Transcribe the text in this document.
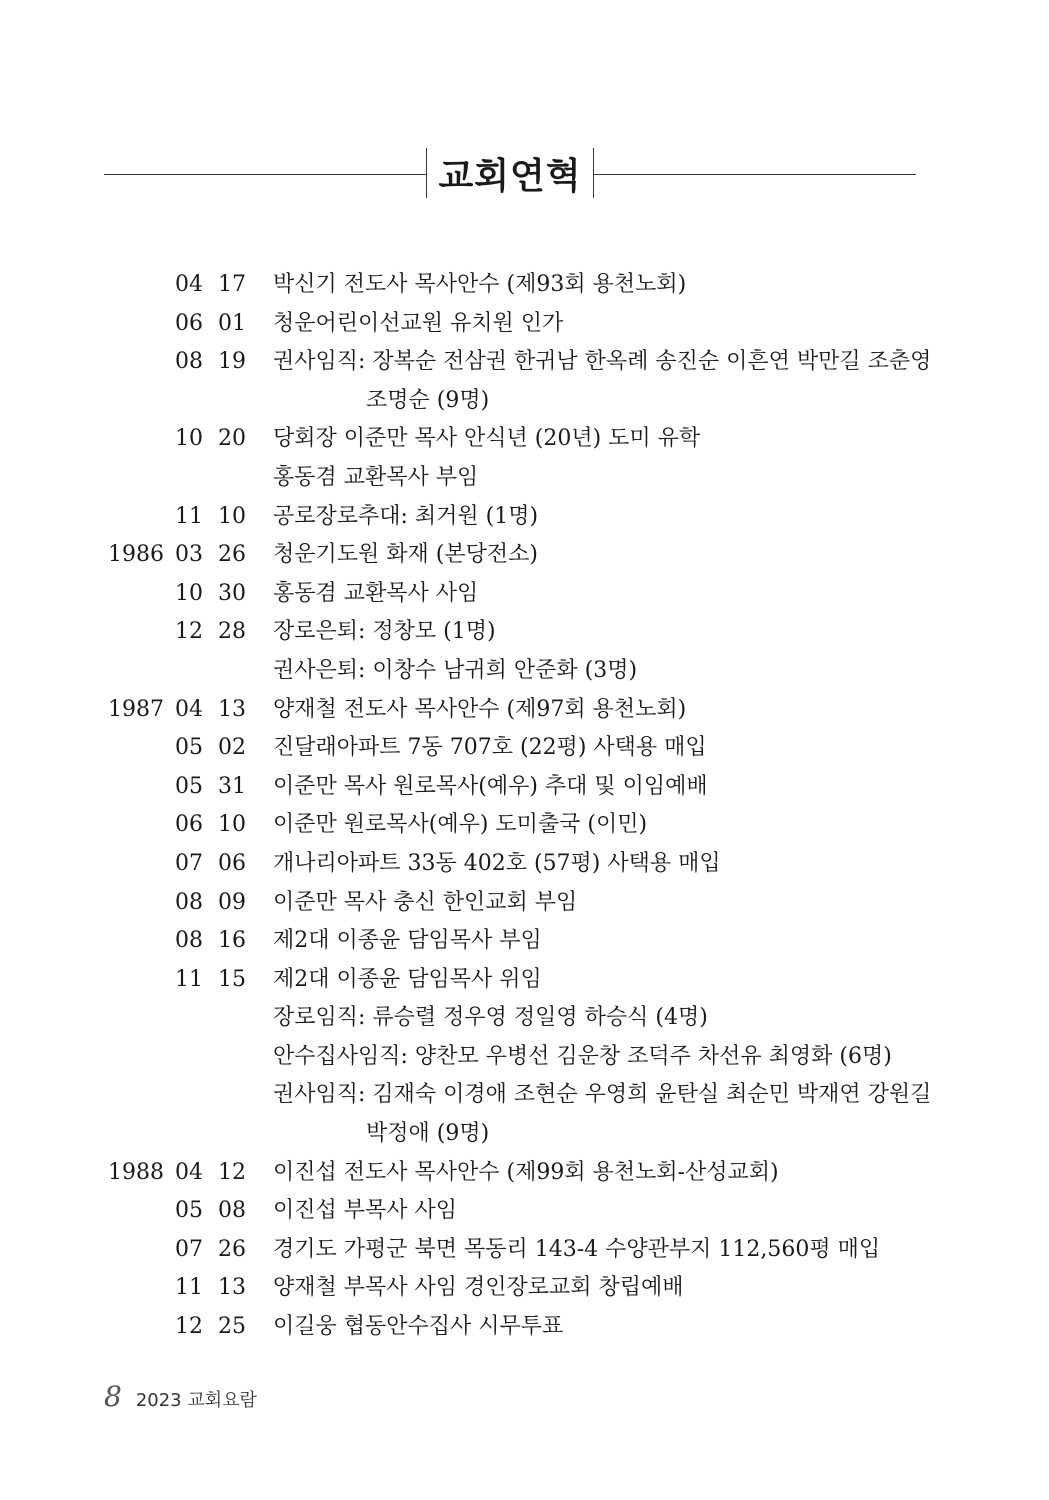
교회연혁
04 17 박신기 전도사 목사안수 (제93회 용천노회)
06 01 청운어린이선교원 유치원 인가
08 19 권사임직: 장복순 전삼권 한귀남 한옥례 송진순 이흔연 박만길 조춘영
조명순 (9명)
10 20 당회장 이준만 목사 안식년 (20년) 도미 유학
홍동겸 교환목사 부임
11 10 공로장로추대: 최거원 (1명)
1986 03 26 청운기도원 화재 (본당전소)
10 30 홍동겸 교환목사 사임
12 28 장로은퇴: 정창모 (1명)
권사은퇴: 이창수 남귀희 안준화 (3명)
1987 04 13 양재철 전도사 목사안수 (제97회 용천노회)
05 02 진달래아파트 7동 707호 (22평) 사택용 매입
05 31 이준만 목사 원로목사(예우) 추대 및 이임예배
06 10 이준만 원로목사(예우) 도미출국 (이민)
07 06 개나리아파트 33동 402호 (57평) 사택용 매입
08 09 이준만 목사 충신 한인교회 부임
08 16 제2대 이종윤 담임목사 부임
11 15 제2대 이종윤 담임목사 위임
장로임직: 류승렬 정우영 정일영 하승식 (4명)
안수집사임직: 양찬모 우병선 김운창 조덕주 차선유 최영화 (6명)
권사임직: 김재숙 이경애 조현순 우영희 윤탄실 최순민 박재연 강원길
박정애 (9명)
1988 04 12 이진섭 전도사 목사안수 (제99회 용천노회-산성교회)
05 08 이진섭 부목사 사임
07 26 경기도 가평군 북면 목동리 143-4 수양관부지 112,560평 매입
11 13 양재철 부목사 사임 경인장로교회 창립예배
12 25 이길웅 협동안수집사 시무투표
8 2023 교회요람
